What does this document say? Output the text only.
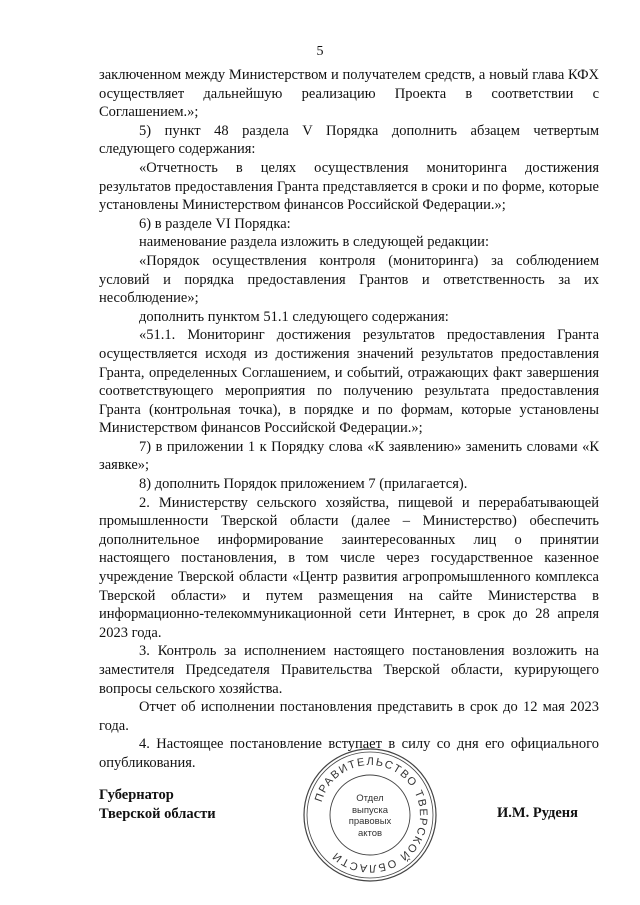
5

заключенном между Министерством и получателем средств, а новый глава КФХ осуществляет дальнейшую реализацию Проекта в соответствии с Соглашением.»;

5) пункт 48 раздела V Порядка дополнить абзацем четвертым следующего содержания:

«Отчетность в целях осуществления мониторинга достижения результатов предоставления Гранта представляется в сроки и по форме, которые установлены Министерством финансов Российской Федерации.»;

6) в разделе VI Порядка:

наименование раздела изложить в следующей редакции:

«Порядок осуществления контроля (мониторинга) за соблюдением условий и порядка предоставления Грантов и ответственность за их несоблюдение»;

дополнить пунктом 51.1 следующего содержания:

«51.1. Мониторинг достижения результатов предоставления Гранта осуществляется исходя из достижения значений результатов предоставления Гранта, определенных Соглашением, и событий, отражающих факт завершения соответствующего мероприятия по получению результата предоставления Гранта (контрольная точка), в порядке и по формам, которые установлены Министерством финансов Российской Федерации.»;

7) в приложении 1 к Порядку слова «К заявлению» заменить словами «К заявке»;

8) дополнить Порядок приложением 7 (прилагается).

2. Министерству сельского хозяйства, пищевой и перерабатывающей промышленности Тверской области (далее – Министерство) обеспечить дополнительное информирование заинтересованных лиц о принятии настоящего постановления, в том числе через государственное казенное учреждение Тверской области «Центр развития агропромышленного комплекса Тверской области» и путем размещения на сайте Министерства в информационно-телекоммуникационной сети Интернет, в срок до 28 апреля 2023 года.

3. Контроль за исполнением настоящего постановления возложить на заместителя Председателя Правительства Тверской области, курирующего вопросы сельского хозяйства.

Отчет об исполнении постановления представить в срок до 12 мая 2023 года.

4. Настоящее постановление вступает в силу со дня его официального опубликования.

Губернатор
Тверской области
ПРАВИТЕЛЬСТВО ТВЕРСКОЙ ОБЛАСТИ
Отдел
выпуска
правовых
актов
И.М. Руденя
